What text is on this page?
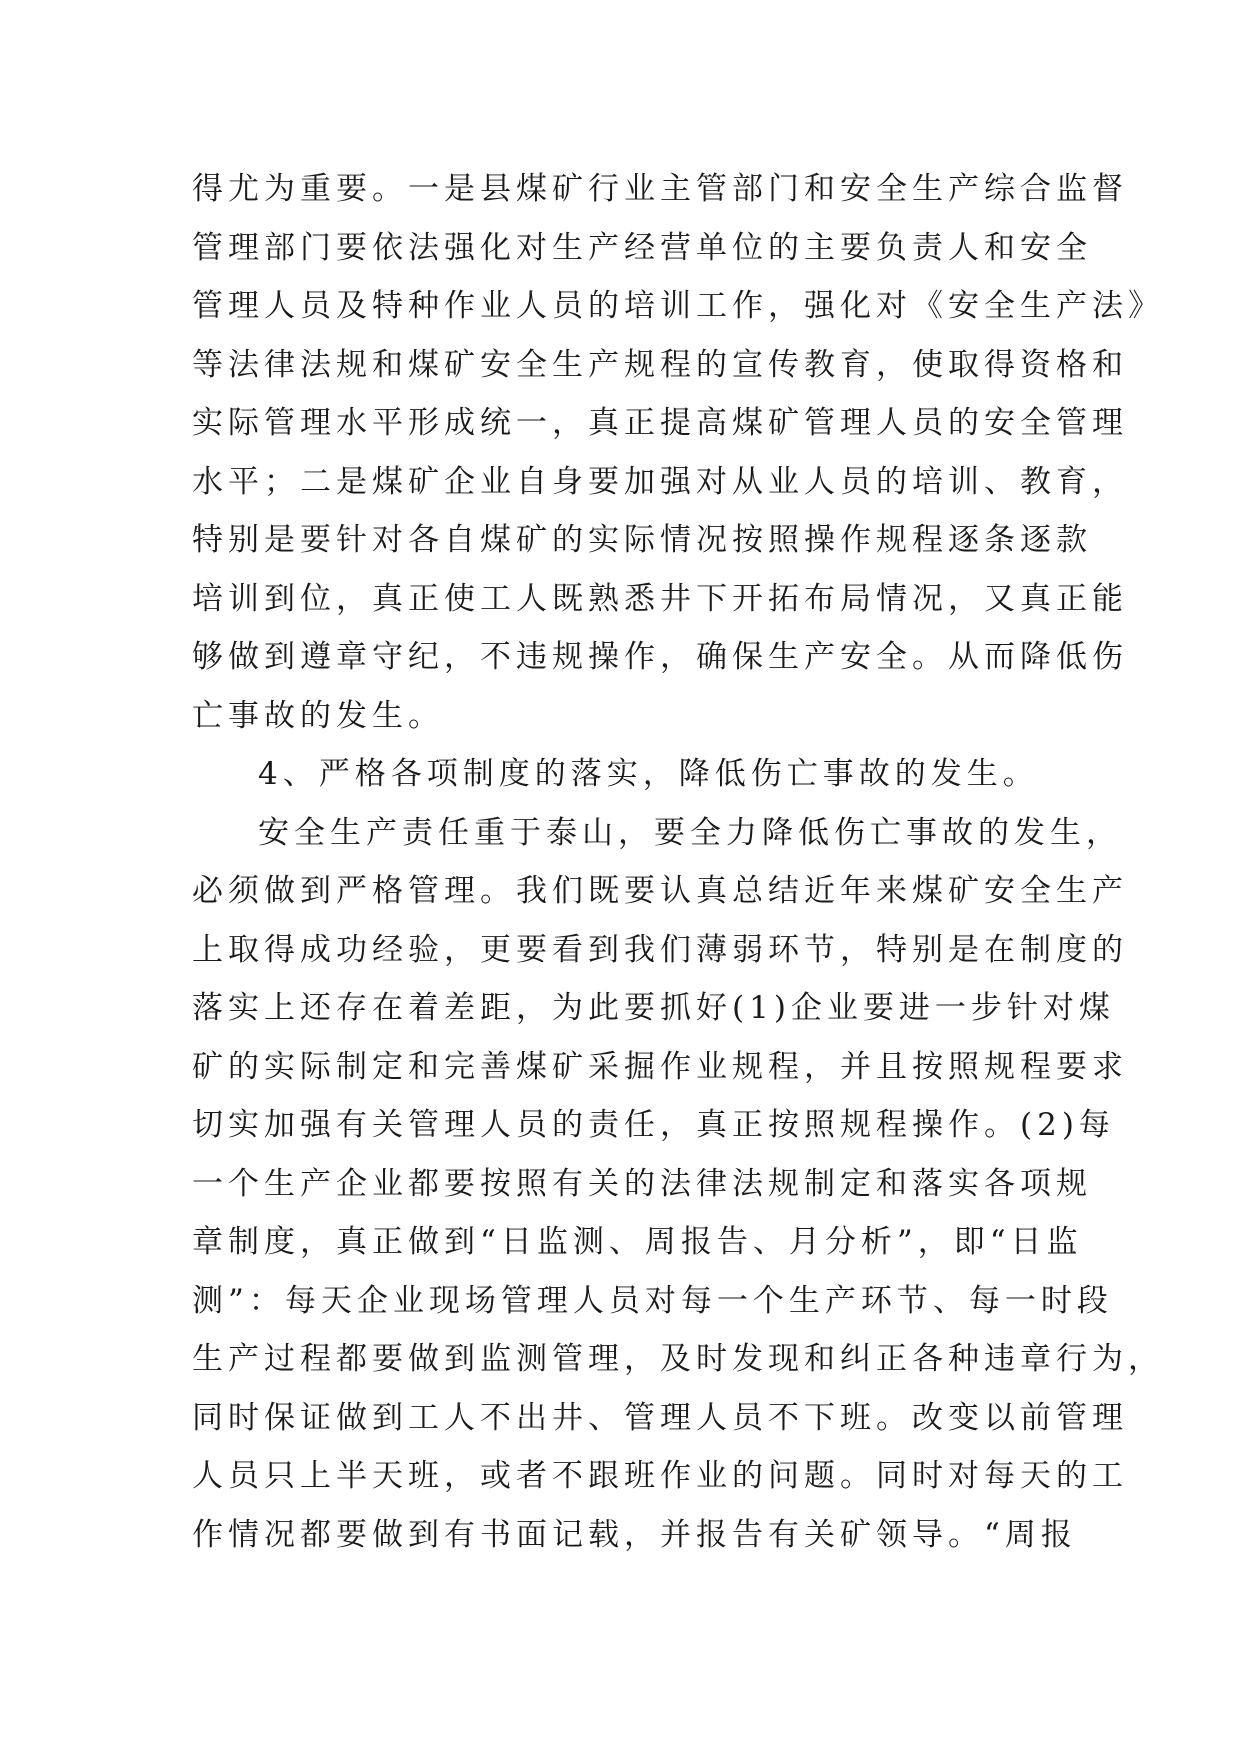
得尤为重要。一是县煤矿行业主管部门和安全生产综合监督
管理部门要依法强化对生产经营单位的主要负责人和安全
管理人员及特种作业人员的培训工作，强化对《安全生产法》
等法律法规和煤矿安全生产规程的宣传教育，使取得资格和
实际管理水平形成统一，真正提高煤矿管理人员的安全管理
水平；二是煤矿企业自身要加强对从业人员的培训、教育，
特别是要针对各自煤矿的实际情况按照操作规程逐条逐款
培训到位，真正使工人既熟悉井下开拓布局情况，又真正能
够做到遵章守纪，不违规操作，确保生产安全。从而降低伤
亡事故的发生。
4、严格各项制度的落实，降低伤亡事故的发生。
安全生产责任重于泰山，要全力降低伤亡事故的发生，
必须做到严格管理。我们既要认真总结近年来煤矿安全生产
上取得成功经验，更要看到我们薄弱环节，特别是在制度的
落实上还存在着差距，为此要抓好(1)企业要进一步针对煤
矿的实际制定和完善煤矿采掘作业规程，并且按照规程要求
切实加强有关管理人员的责任，真正按照规程操作。(2)每
一个生产企业都要按照有关的法律法规制定和落实各项规
章制度，真正做到“日监测、周报告、月分析”，即“日监
测”：每天企业现场管理人员对每一个生产环节、每一时段
生产过程都要做到监测管理，及时发现和纠正各种违章行为，
同时保证做到工人不出井、管理人员不下班。改变以前管理
人员只上半天班，或者不跟班作业的问题。同时对每天的工
作情况都要做到有书面记载，并报告有关矿领导。“周报
